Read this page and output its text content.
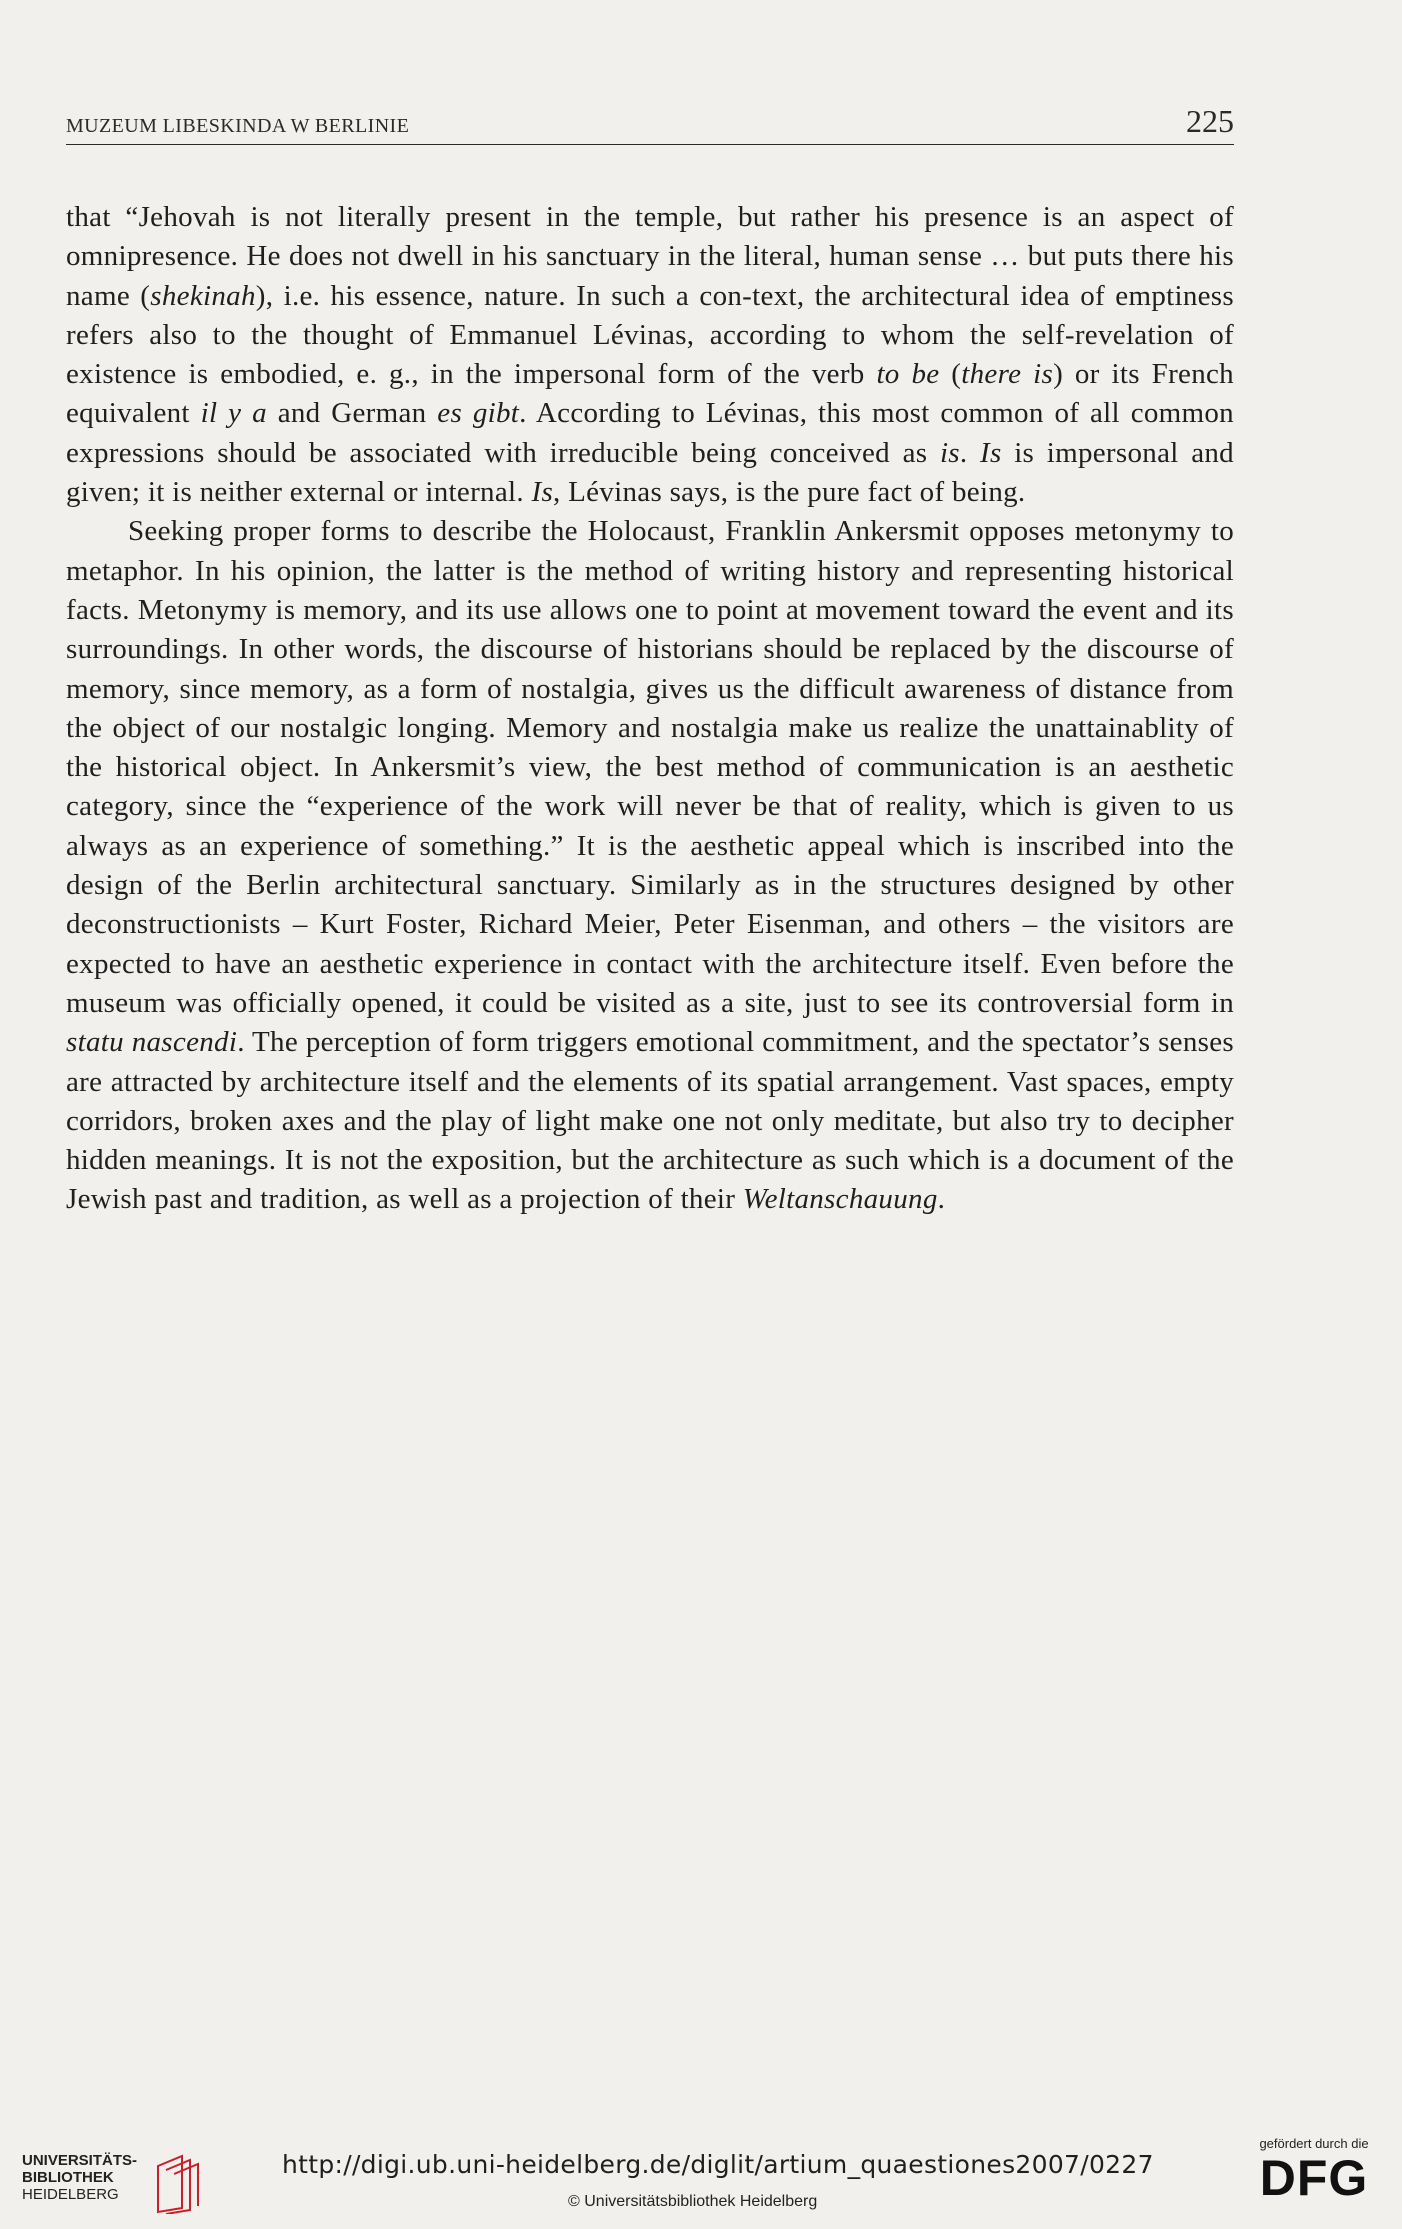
MUZEUM LIBESKINDA W BERLINIE	225

that “Jehovah is not literally present in the temple, but rather his presence is an aspect of omnipresence. He does not dwell in his sanctuary in the literal, human sense … but puts there his name (shekinah), i.e. his essence, nature. In such a con-text, the architectural idea of emptiness refers also to the thought of Emmanuel Lévinas, according to whom the self-revelation of existence is embodied, e. g., in the impersonal form of the verb to be (there is) or its French equivalent il y a and German es gibt. According to Lévinas, this most common of all common expressions should be associated with irreducible being conceived as is. Is is impersonal and given; it is neither external or internal. Is, Lévinas says, is the pure fact of being.

Seeking proper forms to describe the Holocaust, Franklin Ankersmit opposes metonymy to metaphor. In his opinion, the latter is the method of writing history and representing historical facts. Metonymy is memory, and its use allows one to point at movement toward the event and its surroundings. In other words, the discourse of historians should be replaced by the discourse of memory, since memory, as a form of nostalgia, gives us the difficult awareness of distance from the object of our nostalgic longing. Memory and nostalgia make us realize the unattainablity of the historical object. In Ankersmit’s view, the best method of communication is an aesthetic category, since the “experience of the work will never be that of reality, which is given to us always as an experience of something.” It is the aesthetic appeal which is inscribed into the design of the Berlin architectural sanctuary. Similarly as in the structures designed by other deconstructionists – Kurt Foster, Richard Meier, Peter Eisenman, and others – the visitors are expected to have an aesthetic experience in contact with the architecture itself. Even before the museum was officially opened, it could be visited as a site, just to see its controversial form in statu nascendi. The perception of form triggers emotional commitment, and the spectator’s senses are attracted by architecture itself and the elements of its spatial arrangement. Vast spaces, empty corridors, broken axes and the play of light make one not only meditate, but also try to decipher hidden meanings. It is not the exposition, but the architecture as such which is a document of the Jewish past and tradition, as well as a projection of their Weltanschauung.

UNIVERSITÄTS-
BIBLIOTHEK
HEIDELBERG
http://digi.ub.uni-heidelberg.de/diglit/artium_quaestiones2007/0227
© Universitätsbibliothek Heidelberg
gefördert durch die
DFG
